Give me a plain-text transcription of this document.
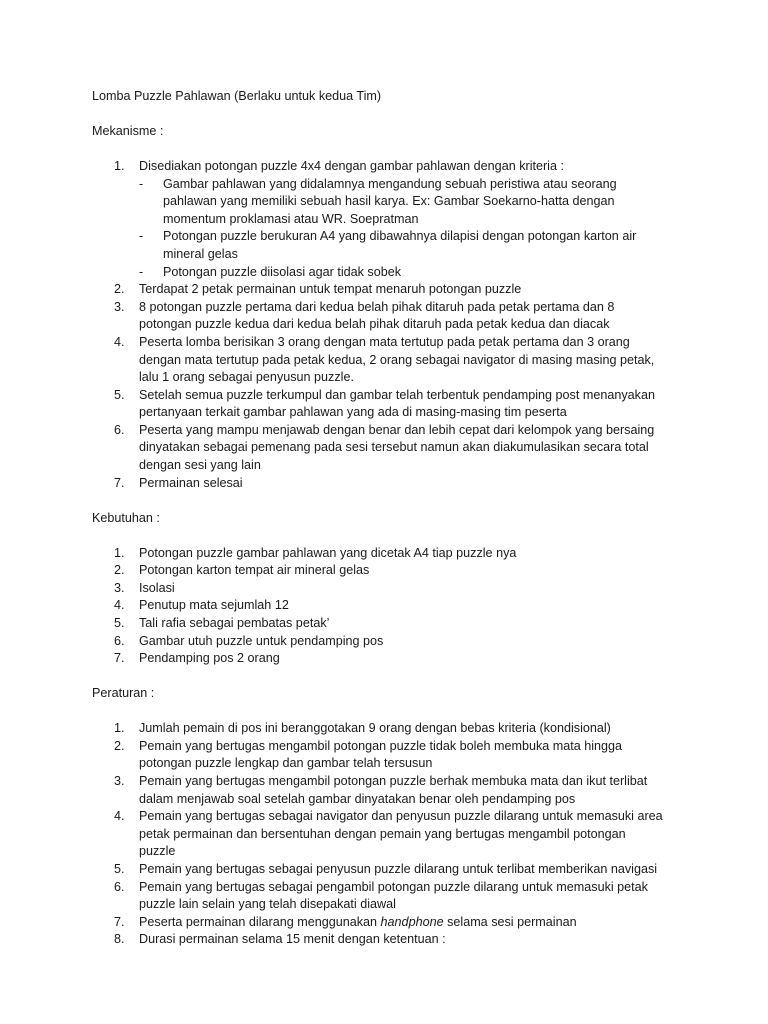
Lomba Puzzle Pahlawan (Berlaku untuk kedua Tim)
Mekanisme :
1.	Disediakan potongan puzzle 4x4 dengan gambar pahlawan dengan kriteria :
- Gambar pahlawan yang didalamnya mengandung sebuah peristiwa atau seorang
pahlawan yang memiliki sebuah hasil karya. Ex: Gambar Soekarno-hatta dengan
momentum proklamasi atau WR. Soepratman
- Potongan puzzle berukuran A4 yang dibawahnya dilapisi dengan potongan karton air
mineral gelas
- Potongan puzzle diisolasi agar tidak sobek
2.	Terdapat 2 petak permainan untuk tempat menaruh potongan puzzle
3.	8 potongan puzzle pertama dari kedua belah pihak ditaruh pada petak pertama dan 8
potongan puzzle kedua dari kedua belah pihak ditaruh pada petak kedua dan diacak
4.	Peserta lomba berisikan 3 orang dengan mata tertutup pada petak pertama dan 3 orang
dengan mata tertutup pada petak kedua, 2 orang sebagai navigator di masing masing petak,
lalu 1 orang sebagai penyusun puzzle.
5.	Setelah semua puzzle terkumpul dan gambar telah terbentuk pendamping post menanyakan
pertanyaan terkait gambar pahlawan yang ada di masing-masing tim peserta
6.	Peserta yang mampu menjawab dengan benar dan lebih cepat dari kelompok yang bersaing
dinyatakan sebagai pemenang pada sesi tersebut namun akan diakumulasikan secara total
dengan sesi yang lain
7.	Permainan selesai
Kebutuhan :
1.	Potongan puzzle gambar pahlawan yang dicetak A4 tiap puzzle nya
2.	Potongan karton tempat air mineral gelas
3.	Isolasi
4.	Penutup mata sejumlah 12
5.	Tali rafia sebagai pembatas petak’
6.	Gambar utuh puzzle untuk pendamping pos
7.	Pendamping pos 2 orang
Peraturan :
1.	Jumlah pemain di pos ini beranggotakan 9 orang dengan bebas kriteria (kondisional)
2.	Pemain yang bertugas mengambil potongan puzzle tidak boleh membuka mata hingga
potongan puzzle lengkap dan gambar telah tersusun
3.	Pemain yang bertugas mengambil potongan puzzle berhak membuka mata dan ikut terlibat
dalam menjawab soal setelah gambar dinyatakan benar oleh pendamping pos
4.	Pemain yang bertugas sebagai navigator dan penyusun puzzle dilarang untuk memasuki area
petak permainan dan bersentuhan dengan pemain yang bertugas mengambil potongan
puzzle
5.	Pemain yang bertugas sebagai penyusun puzzle dilarang untuk terlibat memberikan navigasi
6.	Pemain yang bertugas sebagai pengambil potongan puzzle dilarang untuk memasuki petak
puzzle lain selain yang telah disepakati diawal
7.	Peserta permainan dilarang menggunakan handphone selama sesi permainan
8.	Durasi permainan selama 15 menit dengan ketentuan :
